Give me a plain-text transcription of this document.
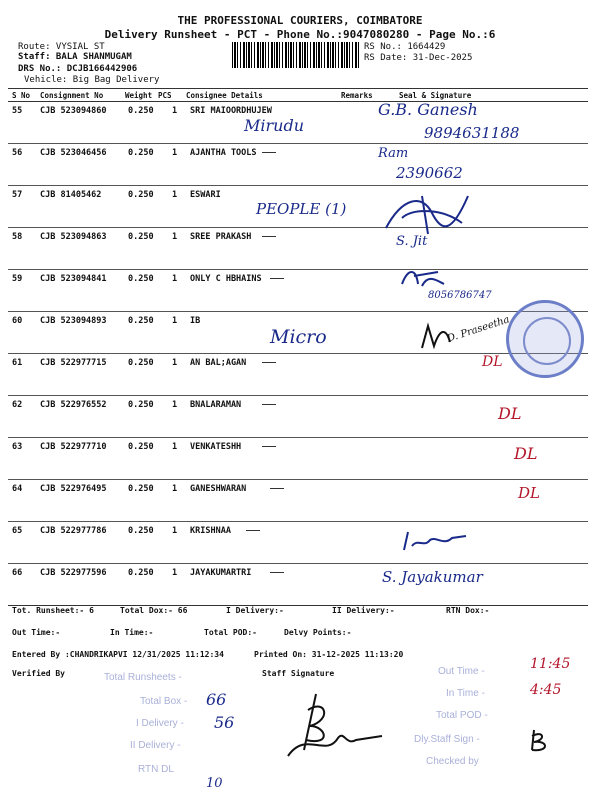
THE PROFESSIONAL COURIERS, COIMBATORE
Delivery Runsheet - PCT - Phone No.:9047080280 - Page No.:6
Route: VYSIAL ST
Staff: BALA SHANMUGAM
DRS No.: DCJB166442906
Vehicle: Big Bag Delivery
RS No.: 1664429
RS Date: 31-Dec-2025
S No Consignment No	Weight PCS Consignee Details	Remarks	Seal & Signature
55 CJB 523094860	0.250 1 SRI MAIOORDHUJEW
56 CJB 523046456	0.250 1 AJANTHA TOOLS
57 CJB 81405462	0.250 1 ESWARI
58 CJB 523094863	0.250 1 SREE PRAKASH
59 CJB 523094841	0.250 1 ONLY C HBHAINS
60 CJB 523094893	0.250 1 IB
61 CJB 522977715	0.250 1 AN BAL;AGAN
62 CJB 522976552	0.250 1 BNALARAMAN
63 CJB 522977710	0.250 1 VENKATESHH
64 CJB 522976495	0.250 1 GANESHWARAN
65 CJB 522977786	0.250 1 KRISHNAA
66 CJB 522977596	0.250 1 JAYAKUMARTRI
Mirudu
G.B. Ganesh
9894631188
Ram
2390662
PEOPLE (1)
S. Jit
8056786747
Micro	D. Praseetha
DL
DL
DL
DL
S. Jayakumar
Tot. Runsheet:- 6	Total Dox:- 66	I Delivery:-	II Delivery:-	RTN Dox:-
Out Time:-	In Time:-	Total POD:-	Delvy Points:-
Entered By :CHANDRIKAPVI 12/31/2025 11:12:34	Printed On: 31-12-2025 11:13:20
Verified By	Staff Signature
Total Runsheets -
Total Box -
I Delivery -
II Delivery -
RTN DL
Out Time -
In Time -
Total POD -
Dly.Staff Sign -
Checked by
66
56
10
11:45
4:45
